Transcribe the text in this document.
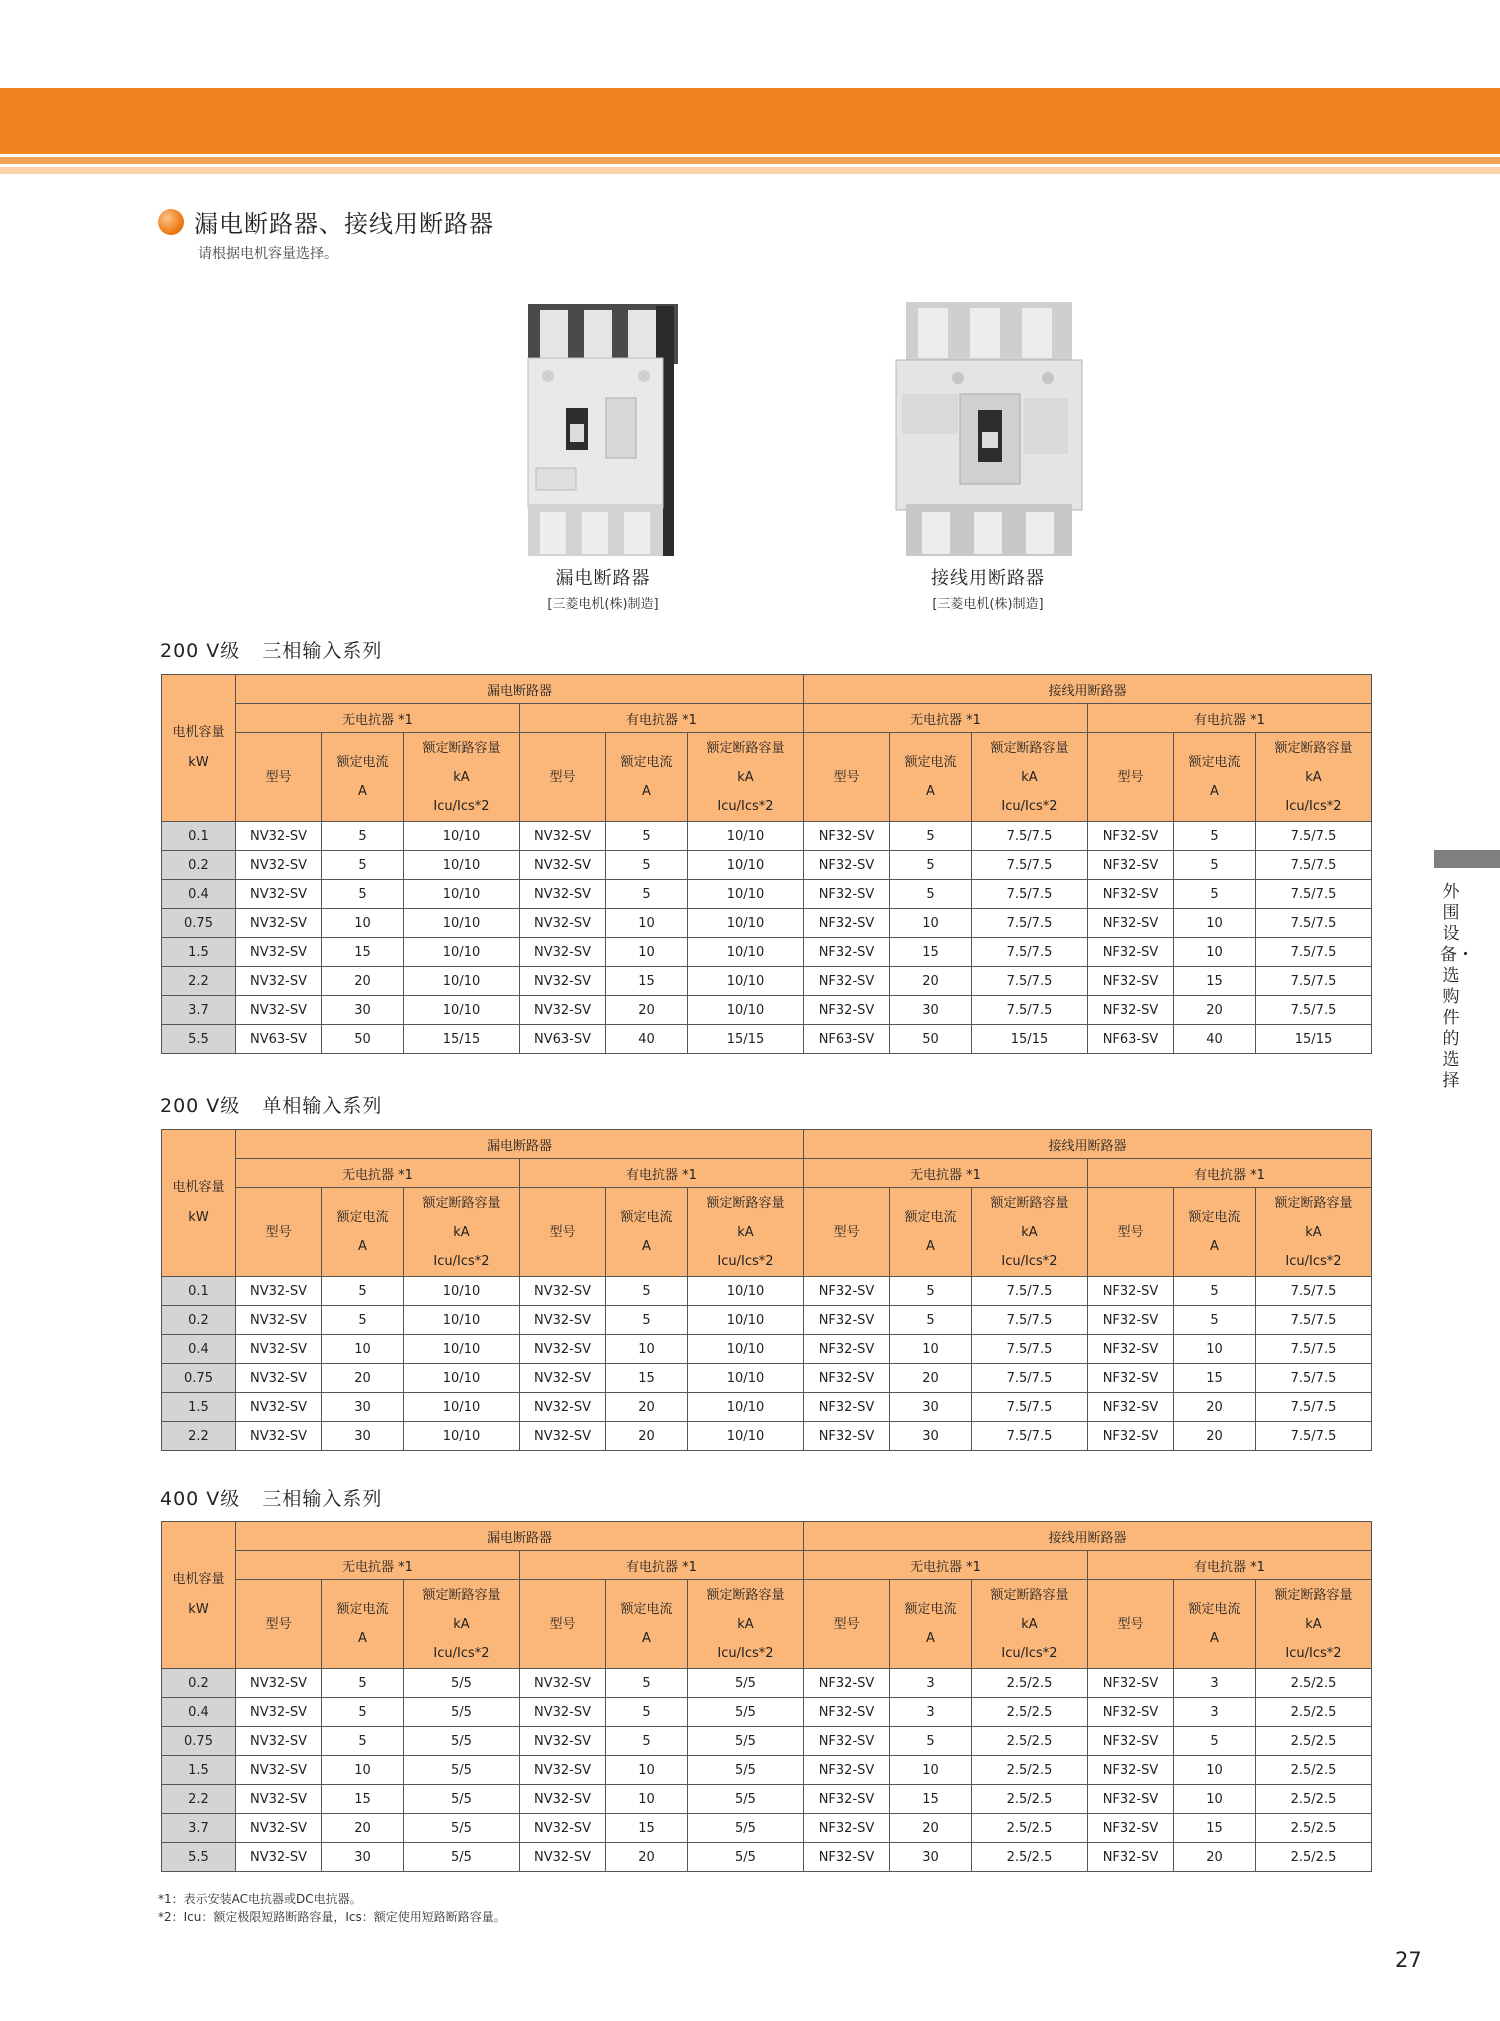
漏电断路器、接线用断路器
请根据电机容量选择。
漏电断路器
[三菱电机(株)制造]
接线用断路器
[三菱电机(株)制造]
外围设备・选购件的选择
200 V级 三相输入系列
200 V级 单相输入系列
400 V级 三相输入系列
*1：表示安装AC电抗器或DC电抗器。
*2：Icu：额定极限短路断路容量，Ics：额定使用短路断路容量。
27
电机容量
kW	漏电断路器						接线用断路器					
	无电抗器 *1			有电抗器 *1			无电抗器 *1			有电抗器 *1		
	型号	额定电流
A	额定断路容量
kA
Icu/Ics*2	型号	额定电流
A	额定断路容量
kA
Icu/Ics*2	型号	额定电流
A	额定断路容量
kA
Icu/Ics*2	型号	额定电流
A	额定断路容量
kA
Icu/Ics*2
0.1	NV32-SV	5	10/10	NV32-SV	5	10/10	NF32-SV	5	7.5/7.5	NF32-SV	5	7.5/7.5
0.2	NV32-SV	5	10/10	NV32-SV	5	10/10	NF32-SV	5	7.5/7.5	NF32-SV	5	7.5/7.5
0.4	NV32-SV	5	10/10	NV32-SV	5	10/10	NF32-SV	5	7.5/7.5	NF32-SV	5	7.5/7.5
0.75	NV32-SV	10	10/10	NV32-SV	10	10/10	NF32-SV	10	7.5/7.5	NF32-SV	10	7.5/7.5
1.5	NV32-SV	15	10/10	NV32-SV	10	10/10	NF32-SV	15	7.5/7.5	NF32-SV	10	7.5/7.5
2.2	NV32-SV	20	10/10	NV32-SV	15	10/10	NF32-SV	20	7.5/7.5	NF32-SV	15	7.5/7.5
3.7	NV32-SV	30	10/10	NV32-SV	20	10/10	NF32-SV	30	7.5/7.5	NF32-SV	20	7.5/7.5
5.5	NV63-SV	50	15/15	NV63-SV	40	15/15	NF63-SV	50	15/15	NF63-SV	40	15/15
电机容量
kW	漏电断路器						接线用断路器					
	无电抗器 *1			有电抗器 *1			无电抗器 *1			有电抗器 *1		
	型号	额定电流
A	额定断路容量
kA
Icu/Ics*2	型号	额定电流
A	额定断路容量
kA
Icu/Ics*2	型号	额定电流
A	额定断路容量
kA
Icu/Ics*2	型号	额定电流
A	额定断路容量
kA
Icu/Ics*2
0.1	NV32-SV	5	10/10	NV32-SV	5	10/10	NF32-SV	5	7.5/7.5	NF32-SV	5	7.5/7.5
0.2	NV32-SV	5	10/10	NV32-SV	5	10/10	NF32-SV	5	7.5/7.5	NF32-SV	5	7.5/7.5
0.4	NV32-SV	10	10/10	NV32-SV	10	10/10	NF32-SV	10	7.5/7.5	NF32-SV	10	7.5/7.5
0.75	NV32-SV	20	10/10	NV32-SV	15	10/10	NF32-SV	20	7.5/7.5	NF32-SV	15	7.5/7.5
1.5	NV32-SV	30	10/10	NV32-SV	20	10/10	NF32-SV	30	7.5/7.5	NF32-SV	20	7.5/7.5
2.2	NV32-SV	30	10/10	NV32-SV	20	10/10	NF32-SV	30	7.5/7.5	NF32-SV	20	7.5/7.5
电机容量
kW	漏电断路器						接线用断路器					
	无电抗器 *1			有电抗器 *1			无电抗器 *1			有电抗器 *1		
	型号	额定电流
A	额定断路容量
kA
Icu/Ics*2	型号	额定电流
A	额定断路容量
kA
Icu/Ics*2	型号	额定电流
A	额定断路容量
kA
Icu/Ics*2	型号	额定电流
A	额定断路容量
kA
Icu/Ics*2
0.2	NV32-SV	5	5/5	NV32-SV	5	5/5	NF32-SV	3	2.5/2.5	NF32-SV	3	2.5/2.5
0.4	NV32-SV	5	5/5	NV32-SV	5	5/5	NF32-SV	3	2.5/2.5	NF32-SV	3	2.5/2.5
0.75	NV32-SV	5	5/5	NV32-SV	5	5/5	NF32-SV	5	2.5/2.5	NF32-SV	5	2.5/2.5
1.5	NV32-SV	10	5/5	NV32-SV	10	5/5	NF32-SV	10	2.5/2.5	NF32-SV	10	2.5/2.5
2.2	NV32-SV	15	5/5	NV32-SV	10	5/5	NF32-SV	15	2.5/2.5	NF32-SV	10	2.5/2.5
3.7	NV32-SV	20	5/5	NV32-SV	15	5/5	NF32-SV	20	2.5/2.5	NF32-SV	15	2.5/2.5
5.5	NV32-SV	30	5/5	NV32-SV	20	5/5	NF32-SV	30	2.5/2.5	NF32-SV	20	2.5/2.5
